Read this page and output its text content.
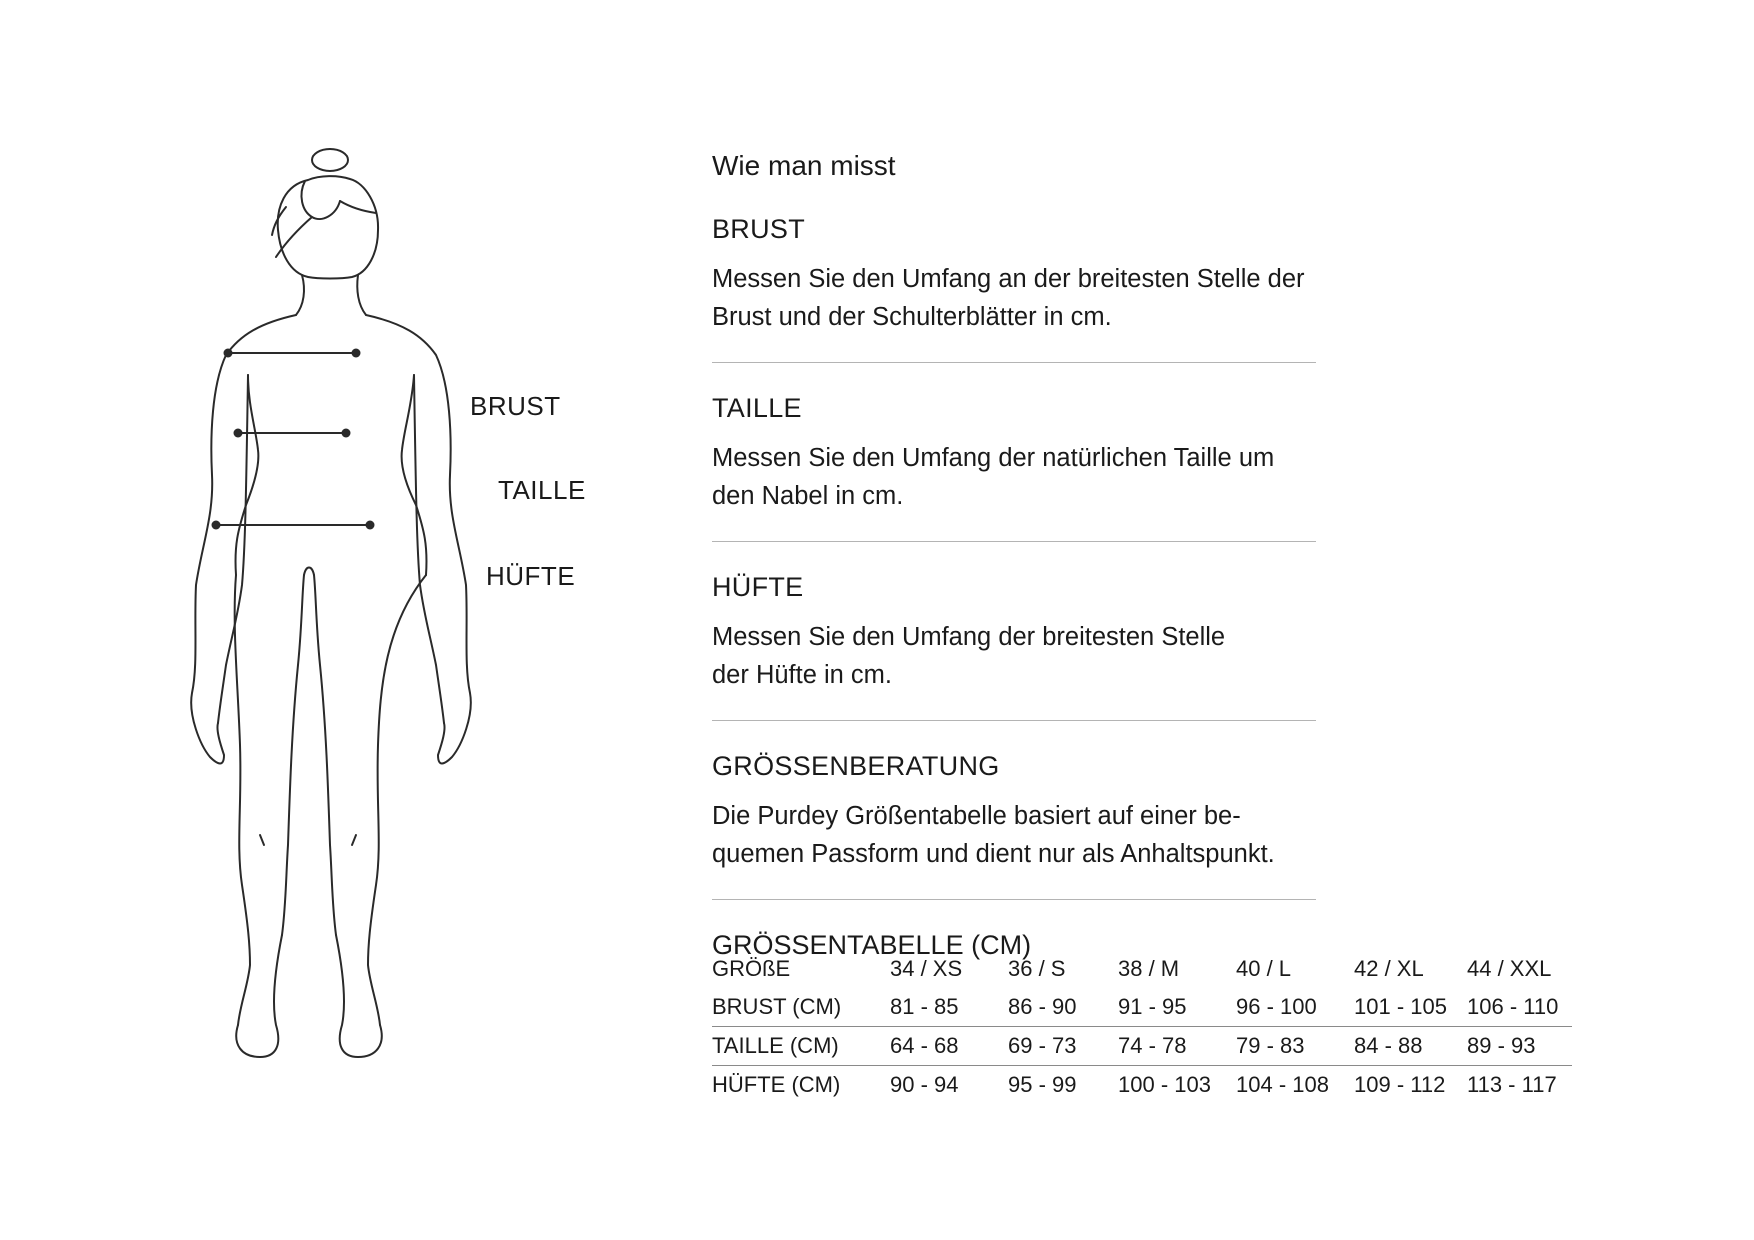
BRUST
TAILLE
HÜFTE
Wie man misst
BRUST

Messen Sie den Umfang an der breitesten Stelle der
Brust und der Schulterblätter in cm.

TAILLE

Messen Sie den Umfang der natürlichen Taille um
den Nabel in cm.

HÜFTE

Messen Sie den Umfang der breitesten Stelle
der Hüfte in cm.

GRÖSSENBERATUNG

Die Purdey Größentabelle basiert auf einer be-
quemen Passform und dient nur als Anhaltspunkt.

GRÖSSENTABELLE (CM)
GRÖßE	34 / XS	36 / S	38 / M	40 / L	42 / XL	44 / XXL
BRUST (CM)	81 - 85	86 - 90	91 - 95	96 - 100	101 - 105	106 - 110
TAILLE (CM)	64 - 68	69 - 73	74 - 78	79 - 83	84 - 88	89 - 93
HÜFTE (CM)	90 - 94	95 - 99	100 - 103	104 - 108	109 - 112	113 - 117
